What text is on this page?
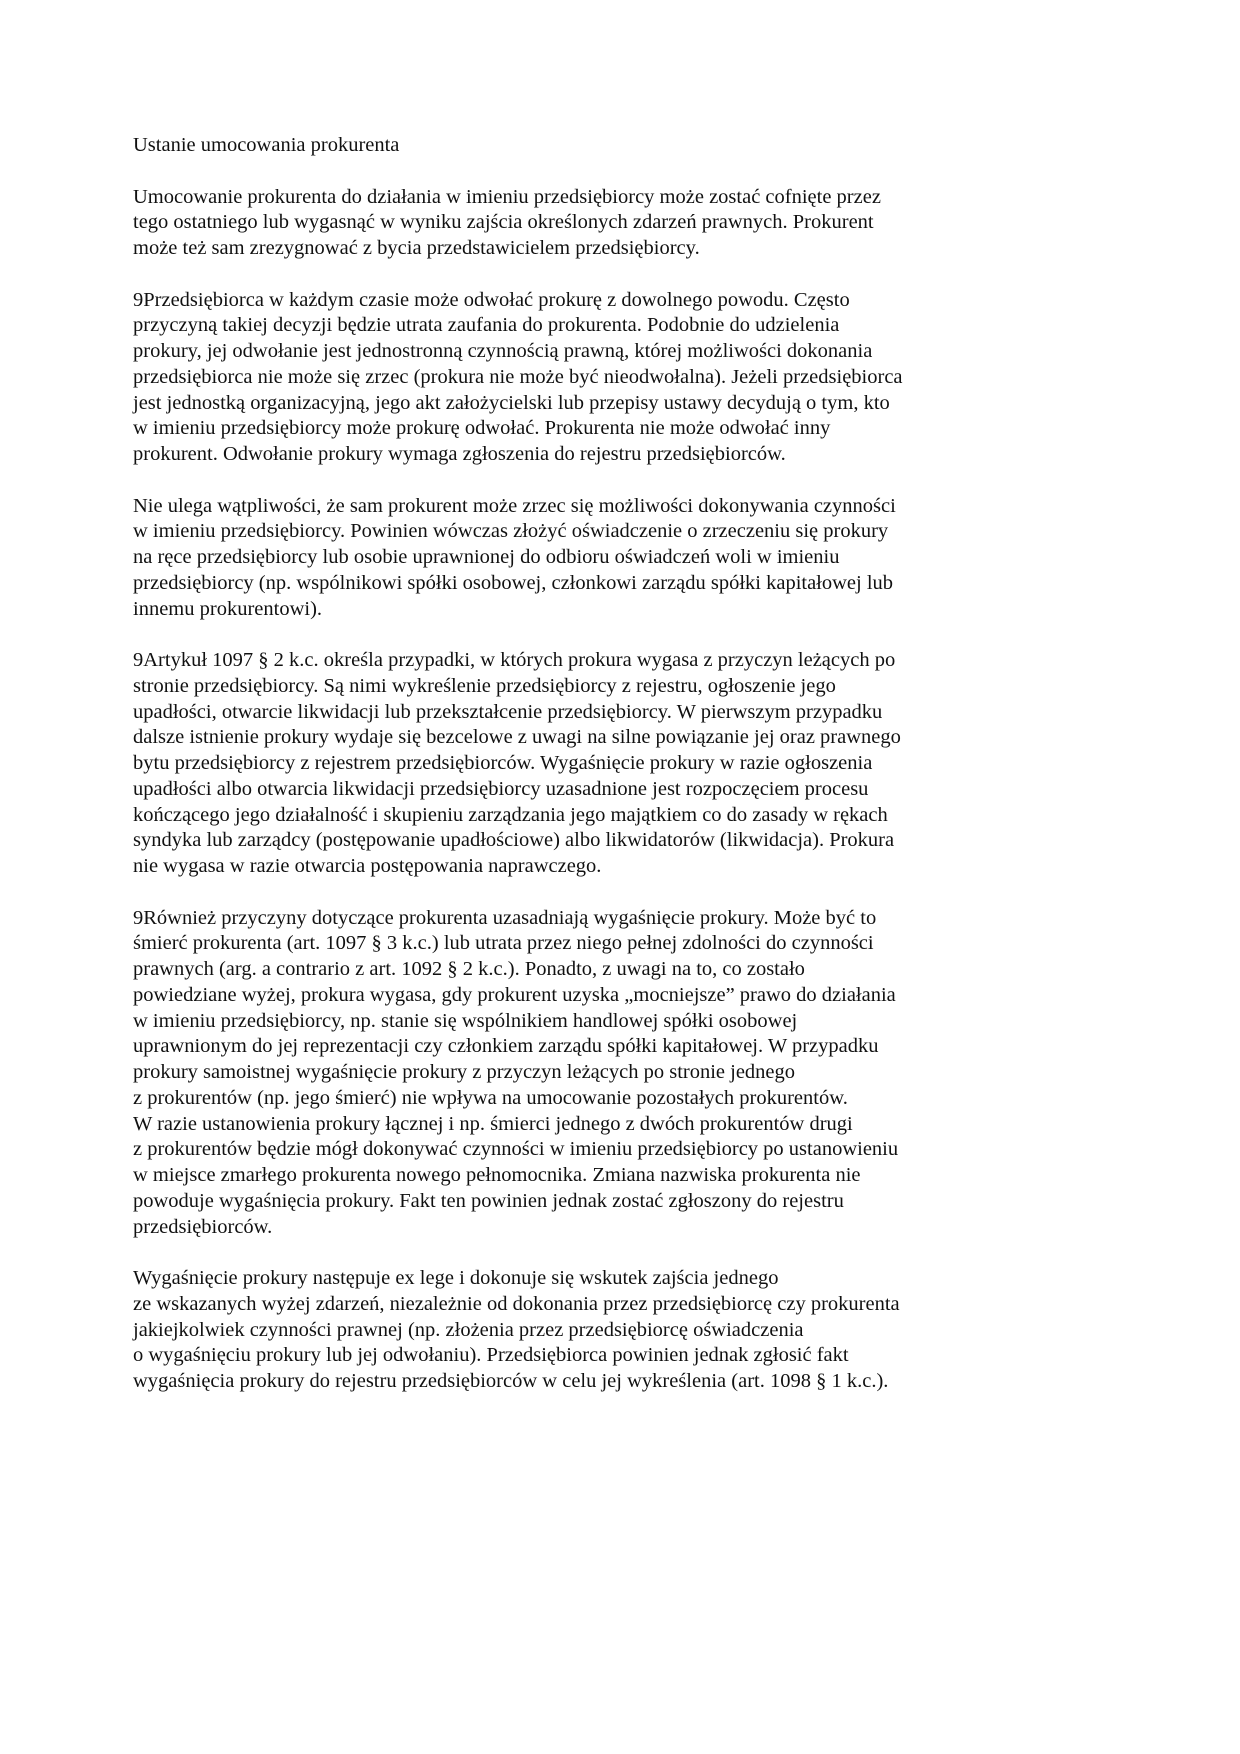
Ustanie umocowania prokurenta

Umocowanie prokurenta do działania w imieniu przedsiębiorcy może zostać cofnięte przez
tego ostatniego lub wygasnąć w wyniku zajścia określonych zdarzeń prawnych. Prokurent
może też sam zrezygnować z bycia przedstawicielem przedsiębiorcy.

9Przedsiębiorca w każdym czasie może odwołać prokurę z dowolnego powodu. Często
przyczyną takiej decyzji będzie utrata zaufania do prokurenta. Podobnie do udzielenia
prokury, jej odwołanie jest jednostronną czynnością prawną, której możliwości dokonania
przedsiębiorca nie może się zrzec (prokura nie może być nieodwołalna). Jeżeli przedsiębiorca
jest jednostką organizacyjną, jego akt założycielski lub przepisy ustawy decydują o tym, kto
w imieniu przedsiębiorcy może prokurę odwołać. Prokurenta nie może odwołać inny
prokurent. Odwołanie prokury wymaga zgłoszenia do rejestru przedsiębiorców.

Nie ulega wątpliwości, że sam prokurent może zrzec się możliwości dokonywania czynności
w imieniu przedsiębiorcy. Powinien wówczas złożyć oświadczenie o zrzeczeniu się prokury
na ręce przedsiębiorcy lub osobie uprawnionej do odbioru oświadczeń woli w imieniu
przedsiębiorcy (np. wspólnikowi spółki osobowej, członkowi zarządu spółki kapitałowej lub
innemu prokurentowi).

9Artykuł 1097 § 2 k.c. określa przypadki, w których prokura wygasa z przyczyn leżących po
stronie przedsiębiorcy. Są nimi wykreślenie przedsiębiorcy z rejestru, ogłoszenie jego
upadłości, otwarcie likwidacji lub przekształcenie przedsiębiorcy. W pierwszym przypadku
dalsze istnienie prokury wydaje się bezcelowe z uwagi na silne powiązanie jej oraz prawnego
bytu przedsiębiorcy z rejestrem przedsiębiorców. Wygaśnięcie prokury w razie ogłoszenia
upadłości albo otwarcia likwidacji przedsiębiorcy uzasadnione jest rozpoczęciem procesu
kończącego jego działalność i skupieniu zarządzania jego majątkiem co do zasady w rękach
syndyka lub zarządcy (postępowanie upadłościowe) albo likwidatorów (likwidacja). Prokura
nie wygasa w razie otwarcia postępowania naprawczego.

9Również przyczyny dotyczące prokurenta uzasadniają wygaśnięcie prokury. Może być to
śmierć prokurenta (art. 1097 § 3 k.c.) lub utrata przez niego pełnej zdolności do czynności
prawnych (arg. a contrario z art. 1092 § 2 k.c.). Ponadto, z uwagi na to, co zostało
powiedziane wyżej, prokura wygasa, gdy prokurent uzyska „mocniejsze” prawo do działania
w imieniu przedsiębiorcy, np. stanie się wspólnikiem handlowej spółki osobowej
uprawnionym do jej reprezentacji czy członkiem zarządu spółki kapitałowej. W przypadku
prokury samoistnej wygaśnięcie prokury z przyczyn leżących po stronie jednego
z prokurentów (np. jego śmierć) nie wpływa na umocowanie pozostałych prokurentów.
W razie ustanowienia prokury łącznej i np. śmierci jednego z dwóch prokurentów drugi
z prokurentów będzie mógł dokonywać czynności w imieniu przedsiębiorcy po ustanowieniu
w miejsce zmarłego prokurenta nowego pełnomocnika. Zmiana nazwiska prokurenta nie
powoduje wygaśnięcia prokury. Fakt ten powinien jednak zostać zgłoszony do rejestru
przedsiębiorców.

Wygaśnięcie prokury następuje ex lege i dokonuje się wskutek zajścia jednego
ze wskazanych wyżej zdarzeń, niezależnie od dokonania przez przedsiębiorcę czy prokurenta
jakiejkolwiek czynności prawnej (np. złożenia przez przedsiębiorcę oświadczenia
o wygaśnięciu prokury lub jej odwołaniu). Przedsiębiorca powinien jednak zgłosić fakt
wygaśnięcia prokury do rejestru przedsiębiorców w celu jej wykreślenia (art. 1098 § 1 k.c.).
